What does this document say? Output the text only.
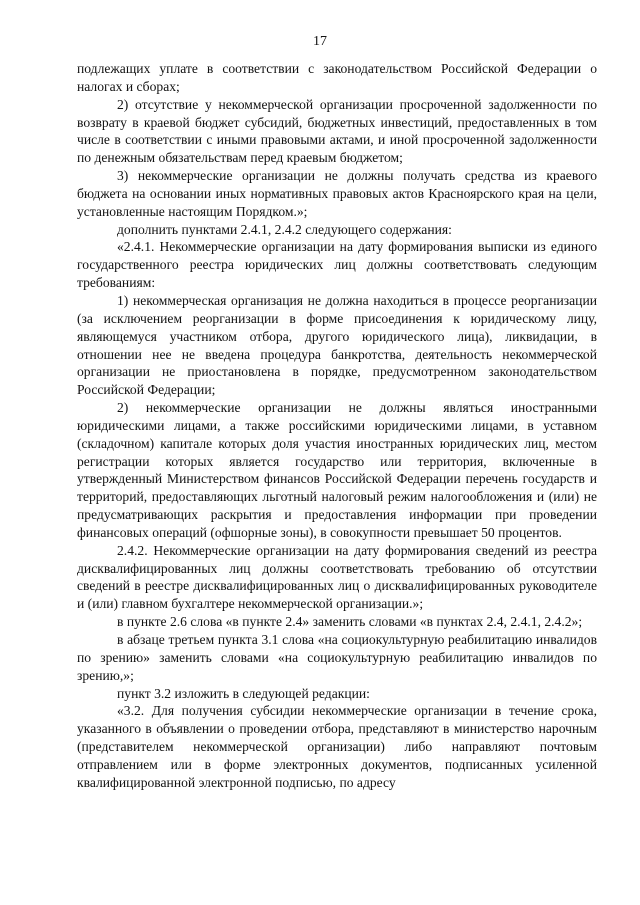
17

подлежащих уплате в соответствии с законодательством Российской Федерации о налогах и сборах;

2) отсутствие у некоммерческой организации просроченной задолженности по возврату в краевой бюджет субсидий, бюджетных инвестиций, предоставленных в том числе в соответствии с иными правовыми актами, и иной просроченной задолженности по денежным обязательствам перед краевым бюджетом;

3) некоммерческие организации не должны получать средства из краевого бюджета на основании иных нормативных правовых актов Красноярского края на цели, установленные настоящим Порядком.»;

дополнить пунктами 2.4.1, 2.4.2 следующего содержания:

«2.4.1. Некоммерческие организации на дату формирования выписки из единого государственного реестра юридических лиц должны соответствовать следующим требованиям:

1) некоммерческая организация не должна находиться в процессе реорганизации (за исключением реорганизации в форме присоединения к юридическому лицу, являющемуся участником отбора, другого юридического лица), ликвидации, в отношении нее не введена процедура банкротства, деятельность некоммерческой организации не приостановлена в порядке, предусмотренном законодательством Российской Федерации;

2) некоммерческие организации не должны являться иностранными юридическими лицами, а также российскими юридическими лицами, в уставном (складочном) капитале которых доля участия иностранных юридических лиц, местом регистрации которых является государство или территория, включенные в утвержденный Министерством финансов Российской Федерации перечень государств и территорий, предоставляющих льготный налоговый режим налогообложения и (или) не предусматривающих раскрытия и предоставления информации при проведении финансовых операций (офшорные зоны), в совокупности превышает 50 процентов.

2.4.2. Некоммерческие организации на дату формирования сведений из реестра дисквалифицированных лиц должны соответствовать требованию об отсутствии сведений в реестре дисквалифицированных лиц о дисквалифицированных руководителе и (или) главном бухгалтере некоммерческой организации.»;

в пункте 2.6 слова «в пункте 2.4» заменить словами «в пунктах 2.4, 2.4.1, 2.4.2»;

в абзаце третьем пункта 3.1 слова «на социокультурную реабилитацию инвалидов по зрению» заменить словами «на социокультурную реабилитацию инвалидов по зрению,»;

пункт 3.2 изложить в следующей редакции:

«3.2. Для получения субсидии некоммерческие организации в течение срока, указанного в объявлении о проведении отбора, представляют в министерство нарочным (представителем некоммерческой организации) либо направляют почтовым отправлением или в форме электронных документов, подписанных усиленной квалифицированной электронной подписью, по адресу
